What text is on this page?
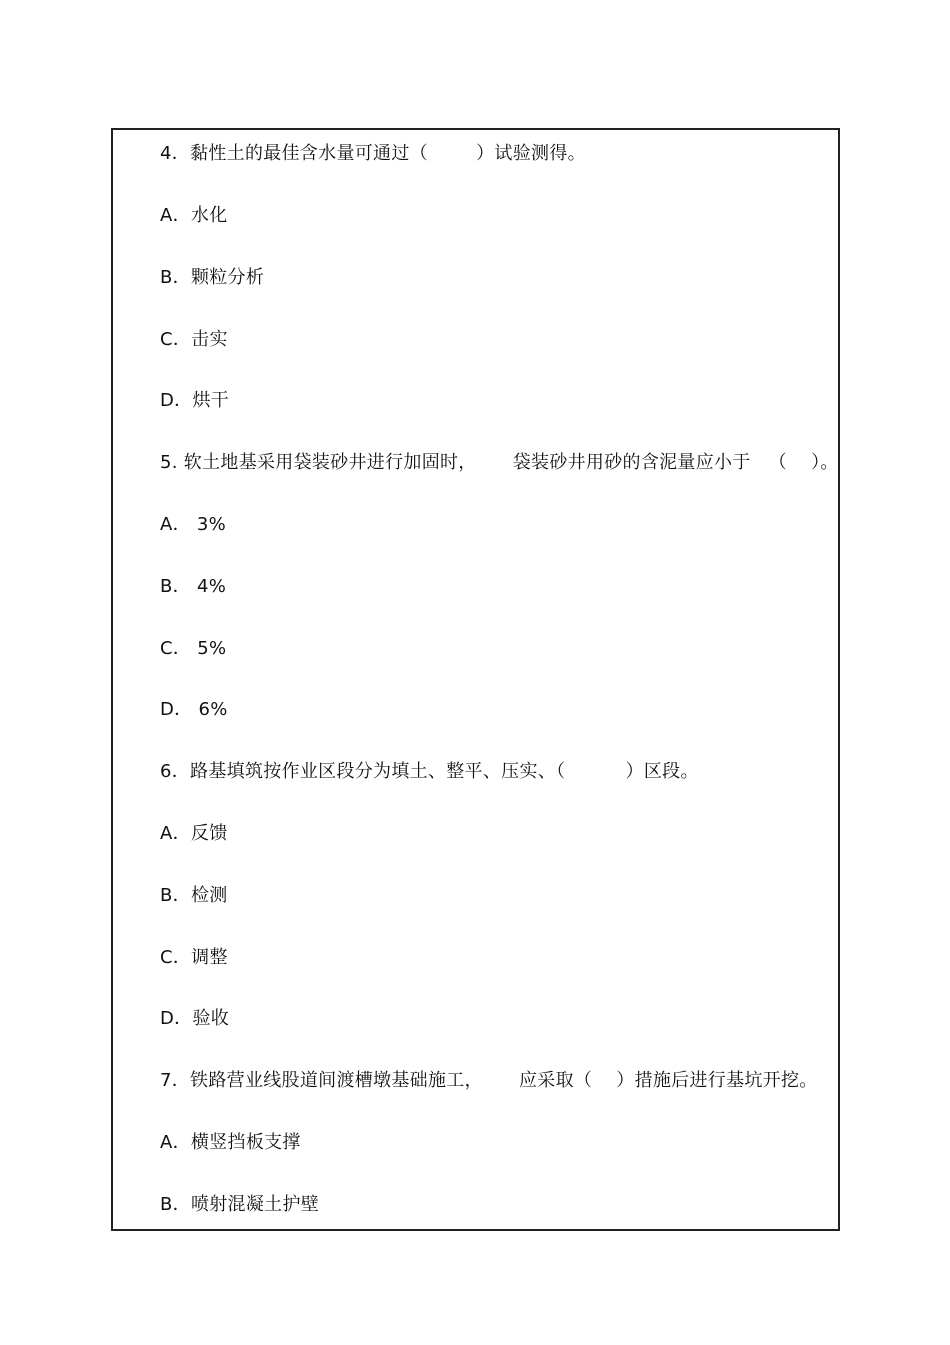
4．黏性土的最佳含水量可通过（        ）试验测得。
A．水化
B．颗粒分析
C．击实
D．烘干
5. 软土地基采用袋装砂井进行加固时，      袋装砂井用砂的含泥量应小于   （    ）。
A． 3%
B． 4%
C． 5%
D． 6%
6．路基填筑按作业区段分为填土、整平、压实、（          ）区段。
A．反馈
B．检测
C．调整
D．验收
7．铁路营业线股道间渡槽墩基础施工，      应采取（    ）措施后进行基坑开挖。
A．横竖挡板支撑
B．喷射混凝土护壁
